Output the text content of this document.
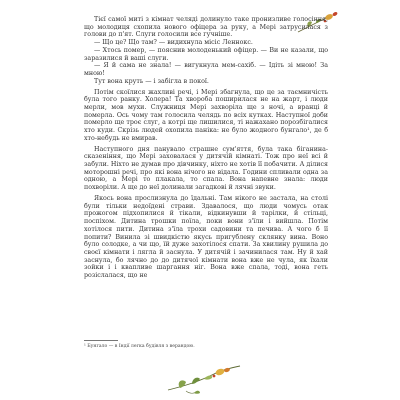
Тієї самої миті з кімнат челяді долинуло таке пронизливе голосіння, що молодиця схопила нового офіцера за руку, а Мері затрусилася з голови до п'ят. Слуги голосили все гучніше.

— Що це? Що там? — видихнула місіс Леннокс.

— Хтось помер, — пояснив молоденький офіцер. — Ви не казали, що заразилися й ваші слуги.

— Я й сама не знала! — вигукнула мем-сахіб. — Ідіть зі мною! За мною!

Тут вона круть — і забігла в покої.

Потім скоїлися жахливі речі, і Мері збагнула, що це за таємничість була того ранку. Холера! Та хвороба поширилася не на жарт, і люди мерли, мов мухи. Служниця Мері захворіла ще з ночі, а вранці й померла. Ось чому там голосила челядь по всіх кутках. Наступної доби померло ще троє слуг, а котрі ще лишилися, ті нажахано порозбігалися хто куди. Скрізь людей охопила паніка: не було жодного бунгало¹, де б хто-небудь не вмирав.

Наступного дня панувало страшне сум'яття, була така біганина-сказеніння, що Мері заховалася у дитячій кімнаті. Тож про неї всі й забули. Ніхто не думав про дівчинку, ніхто не хотів її побачити. А ділися моторошні речі, про які вона нічого не відала. Години спливали одна за одною, а Мері то плакала, то спала. Вона напевне знала: люди похворіли. А ще до неї долинали загадкові й лячні звуки.

Якось вона прослизнула до їдальні. Там нікого не застала, на столі були тільки недоїдені страви. Здавалося, що люди чомусь отак прожогом підхопилися й тікали, відкинувши й тарілки, й стільці, поспіхом. Дитина трошки поїла, поки вони з'їли і вийшла. Потім хотілося пити. Дитина з'їла трохи садовини та печива. А чого б її попити? Винила зі швидкістю якусь пригублену склянку вина. Воно було солодке, а чи що, їй дуже захотілося спати. За хвилину рушила до своєї кімнати і лягла й заснула. У дитячій і зачинилася там. Ну й хай заснула, бо лячно до до дитячої кімнати вона вже не чула, як їхали зойки і і квапливе шаргання ніг. Вона вже спала, тоді, вона геть розіслалася, що не

¹ Бунгало — в Індії легка будівля з верандою.
